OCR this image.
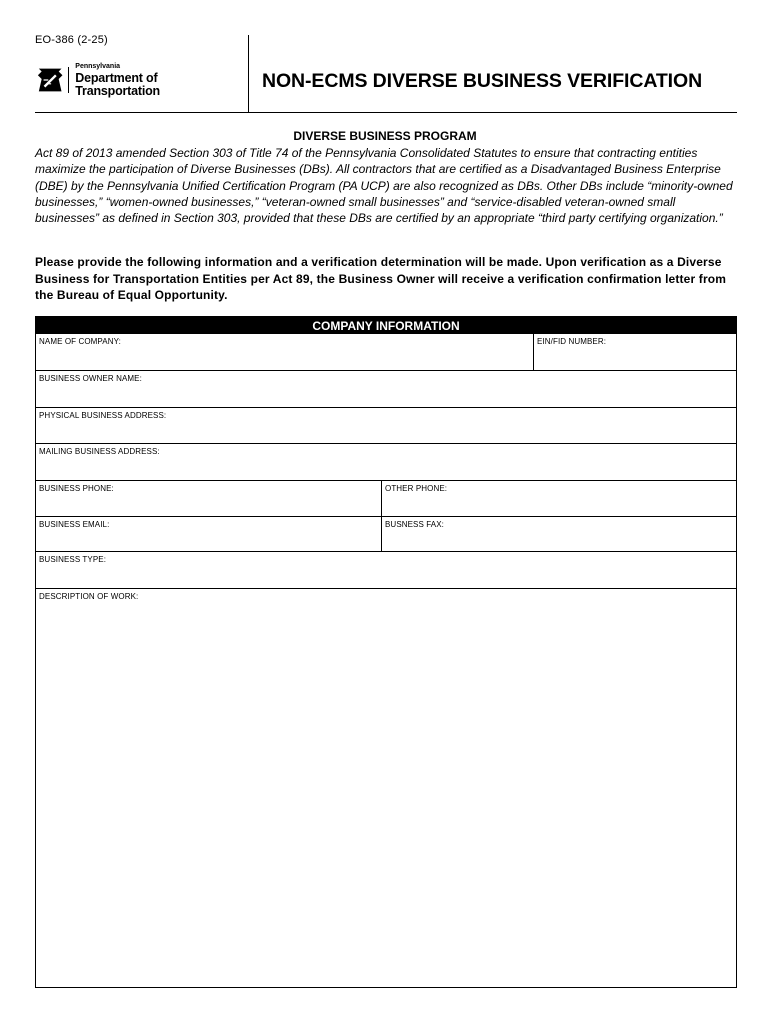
EO-386 (2-25)
Pennsylvania
Department of Transportation	NON-ECMS DIVERSE BUSINESS VERIFICATION
DIVERSE BUSINESS PROGRAM
Act 89 of 2013 amended Section 303 of Title 74 of the Pennsylvania Consolidated Statutes to ensure that contracting entities maximize the participation of Diverse Businesses (DBs). All contractors that are certified as a Disadvantaged Business Enterprise (DBE) by the Pennsylvania Unified Certification Program (PA UCP) are also recognized as DBs. Other DBs include “minority-owned businesses,” “women-owned businesses,” “veteran-owned small businesses” and “service-disabled veteran-owned small businesses” as defined in Section 303, provided that these DBs are certified by an appropriate “third party certifying organization.”
Please provide the following information and a verification determination will be made. Upon verification as a Diverse Business for Transportation Entities per Act 89, the Business Owner will receive a verification confirmation letter from the Bureau of Equal Opportunity.
COMPANY INFORMATION
NAME OF COMPANY:	EIN/FID NUMBER:
BUSINESS OWNER NAME:
PHYSICAL BUSINESS ADDRESS:
MAILING BUSINESS ADDRESS:
BUSINESS PHONE:	OTHER PHONE:
BUSINESS EMAIL:	BUSNESS FAX:
BUSINESS TYPE:
DESCRIPTION OF WORK:
